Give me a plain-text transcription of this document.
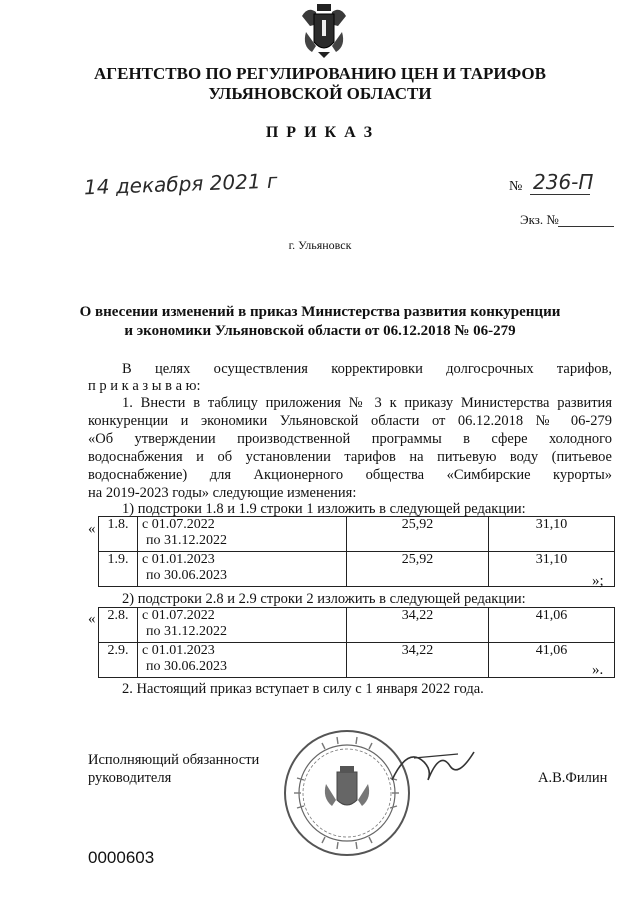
АГЕНТСТВО ПО РЕГУЛИРОВАНИЮ ЦЕН И ТАРИФОВ
УЛЬЯНОВСКОЙ ОБЛАСТИ
П Р И К А З
14 декабря 2021 г	№ 236-П
Экз. №
г. Ульяновск
О внесении изменений в приказ Министерства развития конкуренции
и экономики Ульяновской области от 06.12.2018 № 06-279
В целях осуществления корректировки долгосрочных тарифов,
п р и к а з ы в а ю:
1. Внести в таблицу приложения № 3 к приказу Министерства развития
конкуренции и экономики Ульяновской области от 06.12.2018 № 06-279
«Об утверждении производственной программы в сфере холодного
водоснабжения и об установлении тарифов на питьевую воду (питьевое
водоснабжение) для Акционерного общества «Симбирские курорты»
на 2019-2023 годы» следующие изменения:
1) подстроки 1.8 и 1.9 строки 1 изложить в следующей редакции:
« 1.8.	с 01.07.2022
по 31.12.2022	25,92	31,10
1.9.	с 01.01.2023
по 30.06.2023	25,92	31,10
»;
2) подстроки 2.8 и 2.9 строки 2 изложить в следующей редакции:
« 2.8.	с 01.07.2022
по 31.12.2022	34,22	41,06
2.9.	с 01.01.2023
по 30.06.2023	34,22	41,06
».
2. Настоящий приказ вступает в силу с 1 января 2022 года.
Исполняющий обязанности
руководителя	А.В.Филин
0000603
